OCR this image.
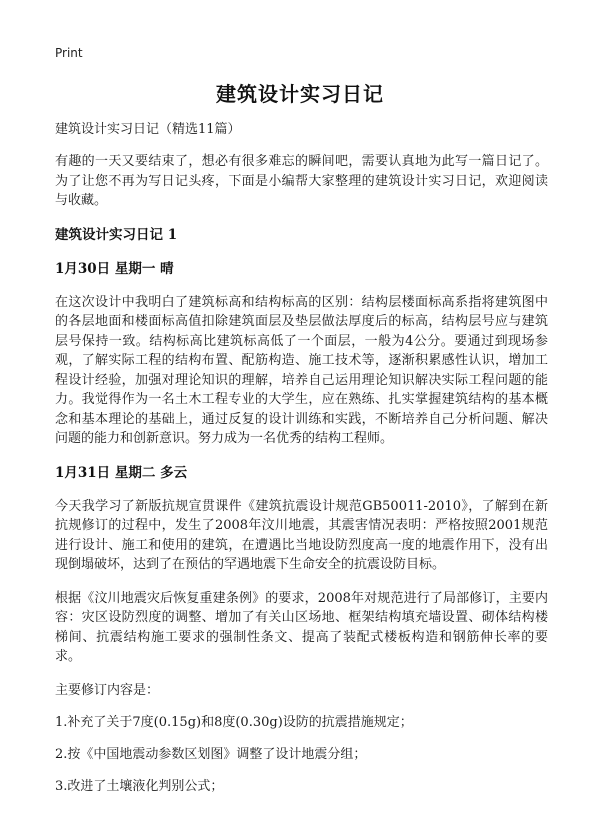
Print
建筑设计实习日记
建筑设计实习日记（精选11篇）

有趣的一天又要结束了，想必有很多难忘的瞬间吧，需要认真地为此写一篇日记了。为了让您不再为写日记头疼，下面是小编帮大家整理的建筑设计实习日记，欢迎阅读与收藏。

建筑设计实习日记 1
1月30日 星期一 晴

在这次设计中我明白了建筑标高和结构标高的区别：结构层楼面标高系指将建筑图中的各层地面和楼面标高值扣除建筑面层及垫层做法厚度后的标高，结构层号应与建筑层号保持一致。结构标高比建筑标高低了一个面层，一般为4公分。要通过到现场参观，了解实际工程的结构布置、配筋构造、施工技术等，逐渐积累感性认识，增加工程设计经验，加强对理论知识的理解，培养自己运用理论知识解决实际工程问题的能力。我觉得作为一名土木工程专业的大学生，应在熟练、扎实掌握建筑结构的基本概念和基本理论的基础上，通过反复的设计训练和实践，不断培养自己分析问题、解决问题的能力和创新意识。努力成为一名优秀的结构工程师。

1月31日 星期二 多云

今天我学习了新版抗规宣贯课件《建筑抗震设计规范GB50011-2010》，了解到在新抗规修订的过程中，发生了2008年汶川地震，其震害情况表明：严格按照2001规范进行设计、施工和使用的建筑，在遭遇比当地设防烈度高一度的地震作用下，没有出现倒塌破坏，达到了在预估的罕遇地震下生命安全的抗震设防目标。

根据《汶川地震灾后恢复重建条例》的要求，2008年对规范进行了局部修订，主要内容：灾区设防烈度的调整、增加了有关山区场地、框架结构填充墙设置、砌体结构楼梯间、抗震结构施工要求的强制性条文、提高了装配式楼板构造和钢筋伸长率的要求。

主要修订内容是：
1.补充了关于7度(0.15g)和8度(0.30g)设防的抗震措施规定；
2.按《中国地震动参数区划图》调整了设计地震分组；
3.改进了土壤液化判别公式；
